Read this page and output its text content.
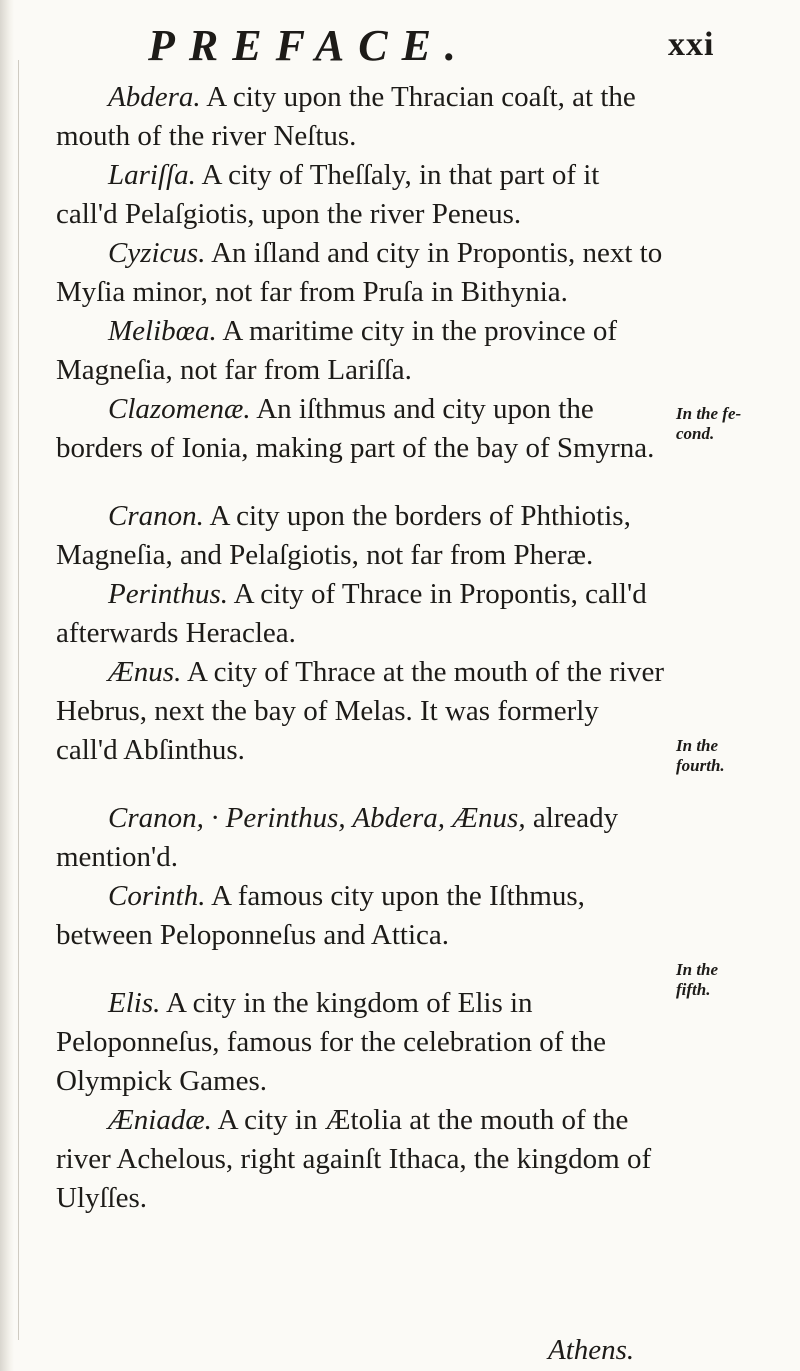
PREFACE.	xxi
Abdera. A city upon the Thracian coaſt, at the mouth of the river Neſtus.
Lariſſa. A city of Theſſaly, in that part of it call'd Pelaſgiotis, upon the river Peneus.
Cyzicus. An iſland and city in Propontis, next to Myſia minor, not far from Pruſa in Bithynia.
Melibœa. A maritime city in the province of Magneſia, not far from Lariſſa.
Clazomenæ. An iſthmus and city upon the borders of Ionia, making part of the bay of Smyrna.
Cranon. A city upon the borders of Phthiotis, Magneſia, and Pelaſgiotis, not far from Pheræ.
Perinthus. A city of Thrace in Propontis, call'd afterwards Heraclea.
Ænus. A city of Thrace at the mouth of the river Hebrus, next the bay of Melas. It was formerly call'd Abſinthus.
Cranon, · Perinthus, Abdera, Ænus, already mention'd.
Corinth. A famous city upon the Iſthmus, between Peloponneſus and Attica.
Elis. A city in the kingdom of Elis in Peloponneſus, famous for the celebration of the Olympick Games.
Æniadæ. A city in Ætolia at the mouth of the river Achelous, right againſt Ithaca, the kingdom of Ulyſſes.
In the fe-
cond.
In the
fourth.
In the
fifth.
Athens.
